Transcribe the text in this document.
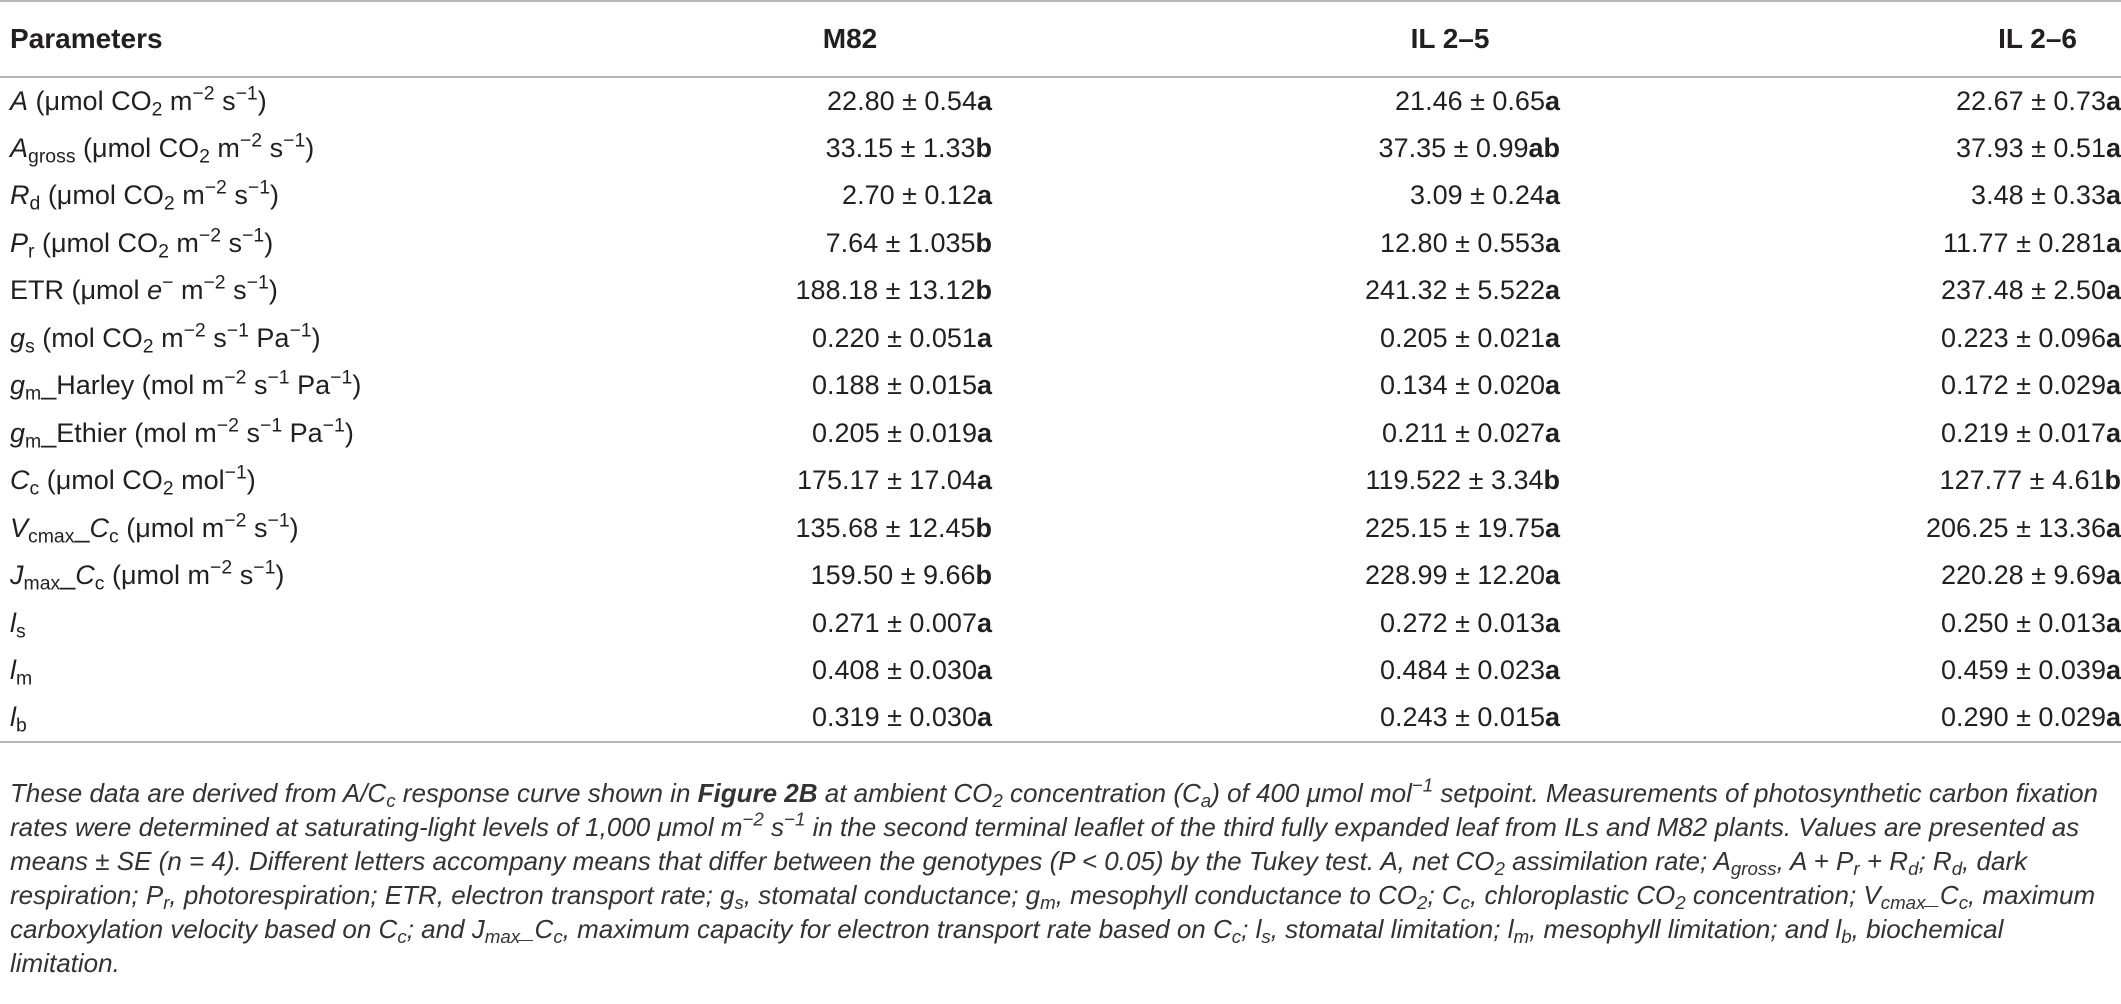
Parameters	M82	IL 2–5	IL 2–6
A (μmol $CO_2$ $m^{-2}$ $s^{-1}$)	22.80 ± 0.54a	21.46 ± 0.65a	22.67 ± 0.73a
$A_{gross}$ (μmol $CO_2$ $m^{-2}$ $s^{-1}$)	33.15 ± 1.33b	37.35 ± 0.99ab	37.93 ± 0.51a
$R_d$ (μmol $CO_2$ $m^{-2}$ $s^{-1}$)	2.70 ± 0.12a	3.09 ± 0.24a	3.48 ± 0.33a
$P_r$ (μmol $CO_2$ $m^{-2}$ $s^{-1}$)	7.64 ± 1.035b	12.80 ± 0.553a	11.77 ± 0.281a
ETR (μmol e− $m^{-2}$ $s^{-1}$)	188.18 ± 13.12b	241.32 ± 5.522a	237.48 ± 2.50a
$g_s$ (mol $CO_2$ $m^{-2}$ $s^{-1}$ $Pa^{-1}$)	0.220 ± 0.051a	0.205 ± 0.021a	0.223 ± 0.096a
$g_m\_Harley$ (mol $m^{-2}$ $s^{-1}$ $Pa^{-1}$)	0.188 ± 0.015a	0.134 ± 0.020a	0.172 ± 0.029a
$g_m\_Ethier$ (mol $m^{-2}$ $s^{-1}$ $Pa^{-1}$)	0.205 ± 0.019a	0.211 ± 0.027a	0.219 ± 0.017a
$C_c$ (μmol $CO_2$ mol$^{-1}$)	175.17 ± 17.04a	119.522 ± 3.34b	127.77 ± 4.61b
$V_{cmax}\_C_c$ (μmol $m^{-2}$ $s^{-1}$)	135.68 ± 12.45b	225.15 ± 19.75a	206.25 ± 13.36a
$J_{max}\_C_c$ (μmol $m^{-2}$ $s^{-1}$)	159.50 ± 9.66b	228.99 ± 12.20a	220.28 ± 9.69a
$l_s$	0.271 ± 0.007a	0.272 ± 0.013a	0.250 ± 0.013a
$l_m$	0.408 ± 0.030a	0.484 ± 0.023a	0.459 ± 0.039a
$l_b$	0.319 ± 0.030a	0.243 ± 0.015a	0.290 ± 0.029a
These data are derived from $A/C_c$ response curve shown in Figure 2B at ambient $CO_2$ concentration $(C_a)$ of 400 μmol mol$^{-1}$ setpoint. Measurements of photosynthetic carbon fixation rates were determined at saturating-light levels of 1,000 μmol $m^{-2}$ $s^{-1}$ in the second terminal leaflet of the third fully expanded leaf from ILs and M82 plants. Values are presented as means ± SE (n = 4). Different letters accompany means that differ between the genotypes (P < 0.05) by the Tukey test. A, net $CO_2$ assimilation rate; $A_{gross}$, $A + P_r + R_d$; $R_d$, dark respiration; $P_r$, photorespiration; ETR, electron transport rate; $g_s$, stomatal conductance; $g_m$, mesophyll conductance to $CO_2$; $C_c$, chloroplastic $CO_2$ concentration; $V_{cmax}\_C_c$, maximum carboxylation velocity based on $C_c$; and $J_{max}\_C_c$, maximum capacity for electron transport rate based on $C_c$; $l_s$, stomatal limitation; $l_m$, mesophyll limitation; and $l_b$, biochemical limitation.
